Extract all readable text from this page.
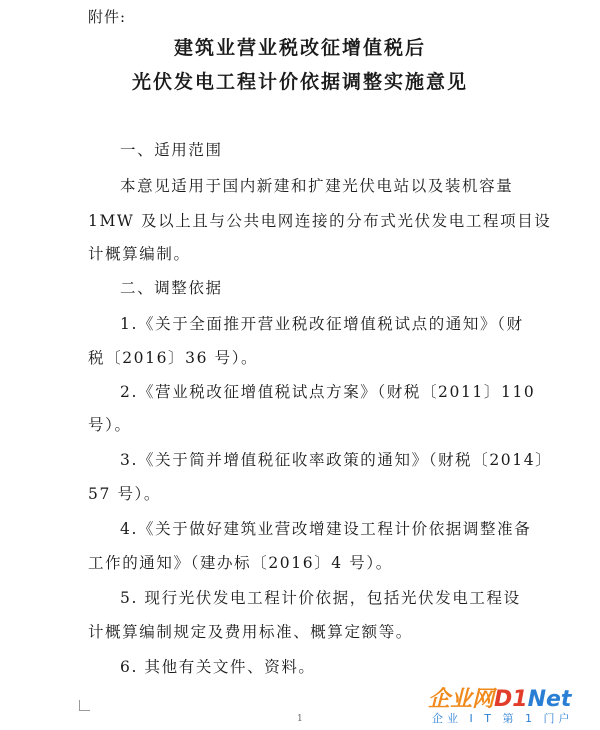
附件:
建筑业营业税改征增值税后
光伏发电工程计价依据调整实施意见
一、适用范围
本意见适用于国内新建和扩建光伏电站以及装机容量
1MW 及以上且与公共电网连接的分布式光伏发电工程项目设
计概算编制。
二、调整依据
1.《关于全面推开营业税改征增值税试点的通知》（财
税〔2016〕36 号）。
2.《营业税改征增值税试点方案》（财税〔2011〕110
号）。
3.《关于简并增值税征收率政策的通知》（财税〔2014〕
57 号）。
4.《关于做好建筑业营改增建设工程计价依据调整准备
工作的通知》（建办标〔2016〕4 号）。
5. 现行光伏发电工程计价依据，包括光伏发电工程设
计概算编制规定及费用标准、概算定额等。
6. 其他有关文件、资料。
1
企业网D1Net
企业 I T 第 1 门户
